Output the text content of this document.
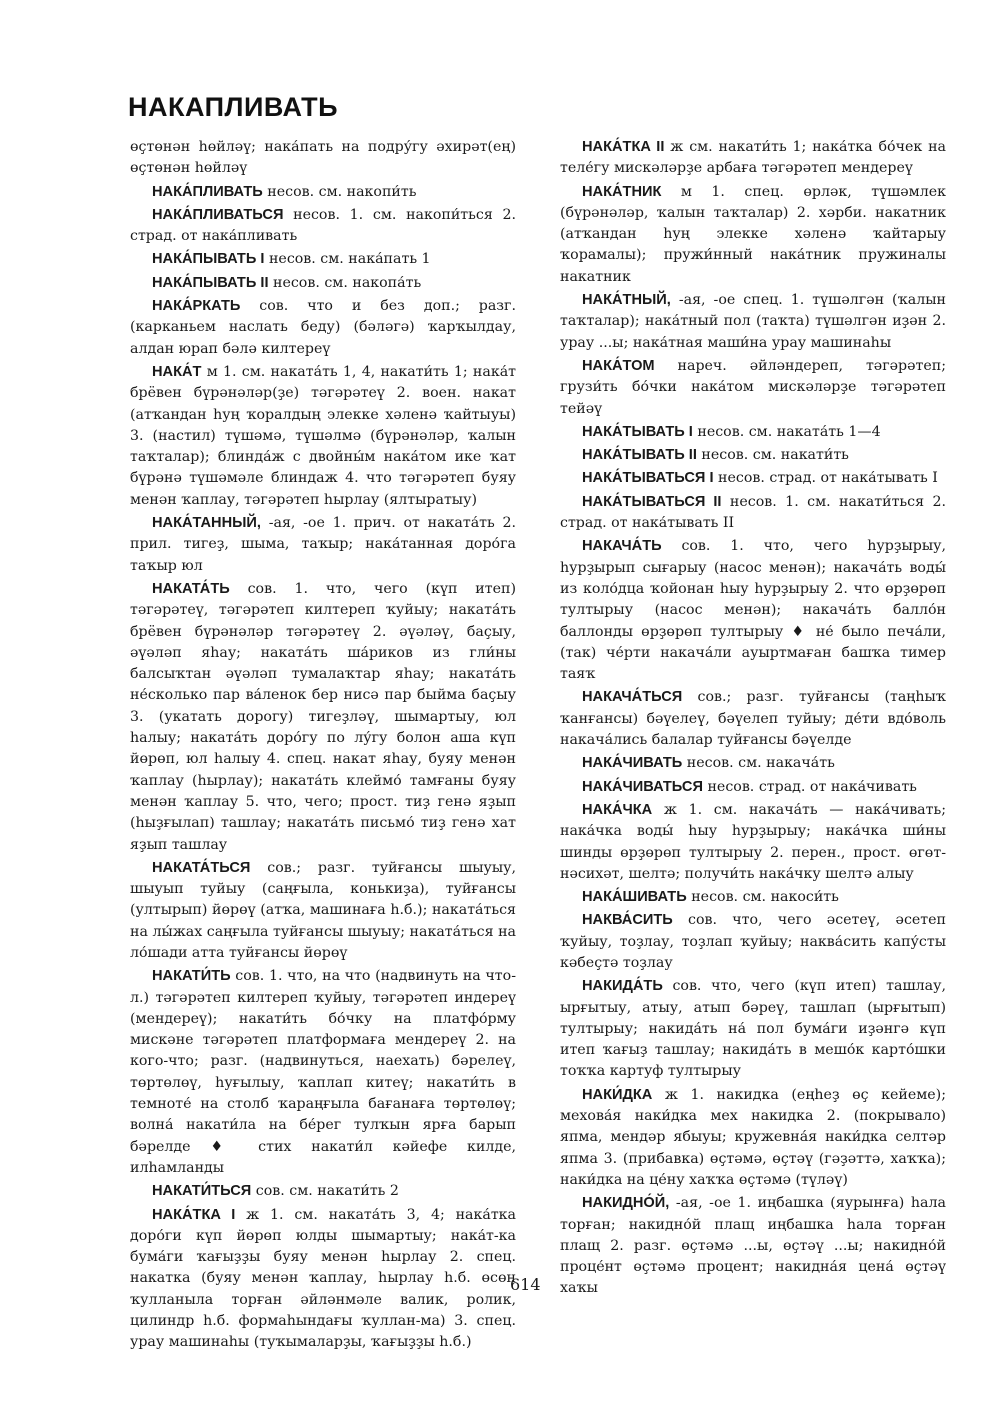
НАКАПЛИВАТЬ

өҫтөнән һөйләү; нака́пать на подру́гу әхирәт(ең) өҫтөнән һөйләү

НАКА́ПЛИВАТЬ несов. см. накопи́ть

НАКА́ПЛИВАТЬСЯ несов. 1. см. накопи́ться 2. страд. от нака́пливать

НАКА́ПЫВАТЬ I несов. см. нака́пать 1

НАКА́ПЫВАТЬ II несов. см. накопа́ть

НАКА́РКАТЬ сов. что и без доп.; разг. (карканьем наслать беду) (бәләгә) ҡарҡылдау, алдан юрап бәлә килтереү

НАКА́Т м 1. см. наката́ть 1, 4, накати́ть 1; нака́т брёвен бүрәнәләр(ҙе) тәгәрәтеү 2. воен. накат (атҡандан һуң ҡоралдың элекке хәленә ҡайтыуы) 3. (настил) түшәмә, түшәлмә (бүрәнәләр, ҡалын таҡталар); блинда́ж с двойны́м нака́том ике ҡат бүрәнә түшәмәле блиндаж 4. что тәгәрәтеп буяу менән ҡаплау, тәгәрәтеп һырлау (ялтыратыу)

НАКА́ТАННЫЙ, -ая, -ое 1. прич. от наката́ть 2. прил. тигеҙ, шыма, таҡыр; нака́танная доро́га таҡыр юл

НАКАТА́ТЬ сов. 1. что, чего (күп итеп) тәгәрәтеү, тәгәрәтеп килтереп ҡуйыу; наката́ть брёвен бүрәнәләр тәгәрәтеү 2. әүәләү, баҫыу, әүәләп яһау; наката́ть ша́риков из гли́ны балсыҡтан әүәләп тумалаҡтар яһау; наката́ть не́сколько пар ва́ленок бер нисә пар быйма баҫыу 3. (укатать дорогу) тигеҙләү, шымартыу, юл һалыу; наката́ть доро́гу по лу́гу болон аша күп йөрөп, юл һалыу 4. спец. накат яһау, буяу менән ҡаплау (һырлау); наката́ть клеймо́ тамғаны буяу менән ҡаплау 5. что, чего; прост. тиҙ генә яҙып (һыҙғылап) ташлау; наката́ть письмо́ тиҙ генә хат яҙып ташлау

НАКАТА́ТЬСЯ сов.; разг. туйғансы шыуыу, шыуып туйыу (саңғыла, конькиҙа), туйғансы (ултырып) йөрөү (атҡа, машинаға һ.б.); наката́ться на лы́жах саңғыла туйғансы шыуыу; наката́ться на ло́шади атта туйғансы йөрөү

НАКАТИ́ТЬ сов. 1. что, на что (надвинуть на что-л.) тәгәрәтеп килтереп ҡуйыу, тәгәрәтеп индереү (мендереү); накати́ть бо́чку на платфо́рму мискәне тәгәрәтеп платформаға мендереү 2. на кого-что; разг. (надвинуться, наехать) бәрелеү, төртөлөү, һуғылыу, ҡаплап китеү; накати́ть в темноте́ на столб ҡараңғыла бағанаға төртөлөү; волна́ накати́ла на бе́рег тулҡын ярға барып бәрелде ♦ стих накати́л кәйефе килде, илһамланды

НАКАТИ́ТЬСЯ сов. см. накати́ть 2

НАКА́ТКА I ж 1. см. наката́ть 3, 4; нака́тка доро́ги күп йөрөп юлды шымартыу; нака́т-ка бума́ги ҡағыҙҙы буяу менән һырлау 2. спец. накатка (буяу менән ҡаплау, һырлау һ.б. өсөн ҡулланыла торған әйләнмәле валик, ролик, цилиндр һ.б. формаһындағы ҡуллан-ма) 3. спец. урау машинаһы (туҡымаларҙы, ҡағыҙҙы һ.б.)

НАКА́ТКА II ж см. накати́ть 1; нака́тка бо́чек на теле́гу мискәләрҙе арбаға тәгәрәтеп мендереү

НАКА́ТНИК м 1. спец. өрләк, түшәмлек (бүрәнәләр, ҡалын таҡталар) 2. хәрби. накатник (атҡандан һуң элекке хәленә ҡайтарыу ҡорамалы); пружи́нный нака́тник пружиналы накатник

НАКА́ТНЫЙ, -ая, -ое спец. 1. түшәлгән (ҡалын таҡталар); нака́тный пол (таҡта) түшәлгән иҙән 2. урау ...ы; нака́тная маши́на урау машинаһы

НАКА́ТОМ нареч. әйләндереп, тәгәрәтеп; грузи́ть бо́чки нака́том мискәләрҙе тәгәрәтеп тейәү

НАКА́ТЫВАТЬ I несов. см. наката́ть 1—4

НАКА́ТЫВАТЬ II несов. см. накати́ть

НАКА́ТЫВАТЬСЯ I несов. страд. от нака́тывать I

НАКА́ТЫВАТЬСЯ II несов. 1. см. накати́ться 2. страд. от нака́тывать II

НАКАЧА́ТЬ сов. 1. что, чего һурҙырыу, һурҙырып сығарыу (насос менән); накача́ть воды́ из коло́дца ҡойонан һыу һурҙырыу 2. что өрҙөрөп тултырыу (насос менән); накача́ть балло́н баллонды өрҙөрөп тултырыу ♦ не́ было печа́ли, (так) че́рти накача́ли ауыртмаған башҡа тимер таяҡ

НАКАЧА́ТЬСЯ сов.; разг. туйғансы (таңһыҡ ҡанғансы) бәүелеү, бәүелеп туйыу; де́ти вдо́воль накача́лись балалар туйғансы бәүелде

НАКА́ЧИВАТЬ несов. см. накача́ть

НАКА́ЧИВАТЬСЯ несов. страд. от нака́чивать

НАКА́ЧКА ж 1. см. накача́ть — нака́чивать; нака́чка воды́ һыу һурҙырыу; нака́чка ши́ны шинды өрҙөрөп тултырыу 2. перен., прост. өгөт-нәсихәт, шелтә; получи́ть нака́чку шелтә алыу

НАКА́ШИВАТЬ несов. см. накоси́ть

НАКВА́СИТЬ сов. что, чего әсетеү, әсетеп ҡуйыу, тоҙлау, тоҙлап ҡуйыу; наква́сить капу́сты кәбеҫтә тоҙлау

НАКИДА́ТЬ сов. что, чего (күп итеп) ташлау, ырғытыу, атыу, атып бәреү, ташлап (ырғытып) тултырыу; накида́ть на́ пол бума́ги иҙәнгә күп итеп ҡағыҙ ташлау; накида́ть в мешо́к карто́шки тоҡҡа картуф тултырыу

НАКИ́ДКА ж 1. накидка (еңһеҙ өҫ кейеме); мехова́я наки́дка мех накидка 2. (покрывало) япма, мендәр ябыуы; кружевна́я наки́дка селтәр япма 3. (прибавка) өҫтәмә, өҫтәү (гәҙәттә, хаҡҡа); наки́дка на це́ну хаҡҡа өҫтәмә (түләү)

НАКИДНО́Й, -ая, -ое 1. иңбашка (яурынға) һала торған; накидно́й плащ иңбашка һала торған плащ 2. разг. өҫтәмә ...ы, өҫтәү ...ы; накидно́й проце́нт өҫтәмә процент; накидна́я цена́ өҫтәү хаҡы

614
